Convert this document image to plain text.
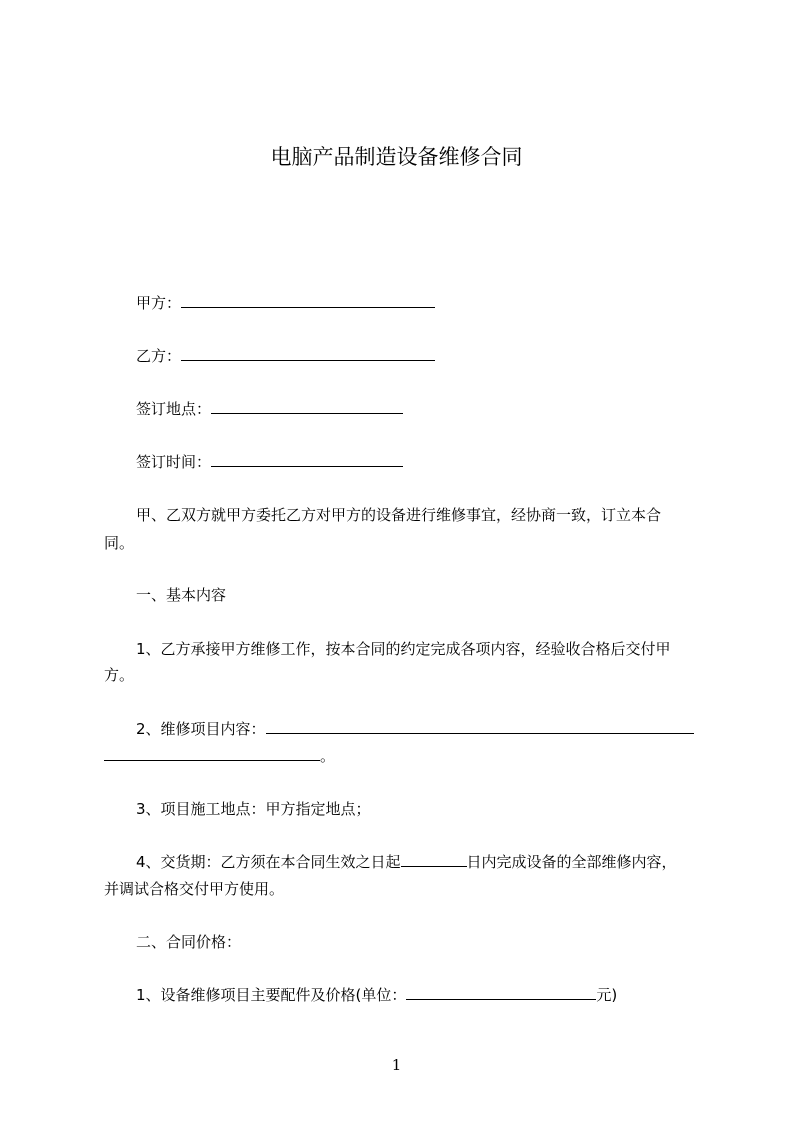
电脑产品制造设备维修合同
甲方：
乙方：
签订地点：
签订时间：
甲、乙双方就甲方委托乙方对甲方的设备进行维修事宜，经协商一致，订立本合
同。
一、基本内容
1、乙方承接甲方维修工作，按本合同的约定完成各项内容，经验收合格后交付甲
方。
2、维修项目内容：
。
3、项目施工地点：甲方指定地点；
4、交货期：乙方须在本合同生效之日起	日内完成设备的全部维修内容，
并调试合格交付甲方使用。
二、合同价格：
1、设备维修项目主要配件及价格(单位：	元)
1
